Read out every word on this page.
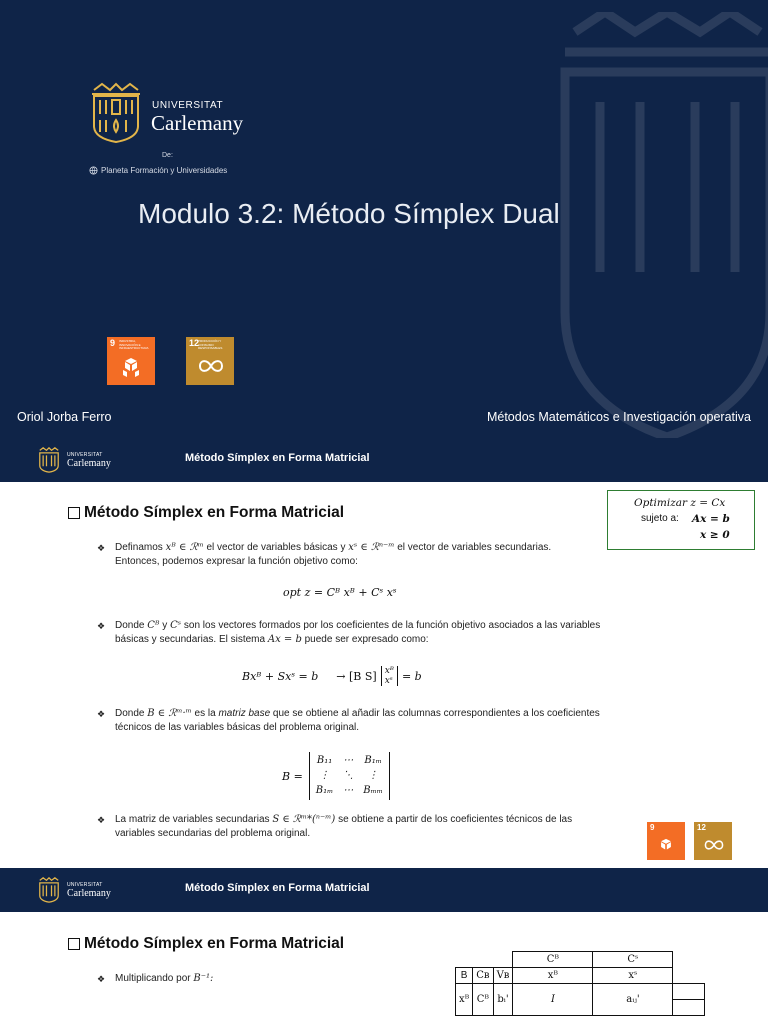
UNIVERSITAT
Carlemany
De:
Planeta Formación y Universidades
Modulo 3.2: Método Símplex Dual
9 INDUSTRIA, INNOVACIÓN E INFRAESTRUCTURA	12
PRODUCCIÓN Y CONSUMO RESPONSABLES
Oriol Jorba Ferro	Métodos Matemáticos e Investigación operativa
UNIVERSITAT
Carlemany	Método Símplex en Forma Matricial
Método Símplex en Forma Matricial
Optimizar z = Cx
sujeto a: Ax = b
x ≥ 0
❖ Definamos xᴮ ∈ ℛᵐ el vector de variables básicas y xˢ ∈ ℛⁿ⁻ᵐ el vector de variables secundarias. Entonces, podemos expresar la función objetivo como:
opt z = Cᴮ xᴮ + Cˢ xˢ
❖ Donde Cᴮ y Cˢ son los vectores formados por los coeficientes de la función objetivo asociados a las variables básicas y secundarias. El sistema Ax = b puede ser expresado como:
Bxᴮ + Sxˢ = b → [B S] xᴮ
xˢ = b
❖ Donde B ∈ ℛᵐ·ᵐ es la matriz base que se obtiene al añadir las columnas correspondientes a los coeficientes técnicos de las variables básicas del problema original.
B =
B₁₁ ⋯ B₁ₘ
⋮	⋱	⋮
B₁ₘ ⋯ Bₘₘ
❖ La matriz de variables secundarias S ∈ ℛᵐ*(ⁿ⁻ᵐ) se obtiene a partir de los coeficientes técnicos de las variables secundarias del problema original.
9	12
UNIVERSITAT
Carlemany	Método Símplex en Forma Matricial
Método Símplex en Forma Matricial
❖ Multiplicando por B⁻¹:
			Cᴮ	Cˢ	
B	Cʙ	Vʙ	xᴮ	xˢ	
xᴮ	Cᴮ	bᵢ'	I	aᵢⱼ'	
